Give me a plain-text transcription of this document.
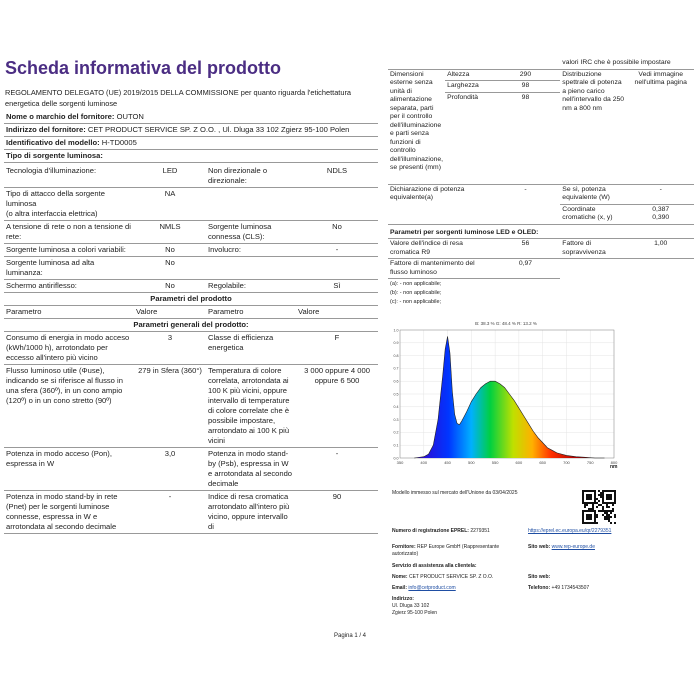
Scheda informativa del prodotto
REGOLAMENTO DELEGATO (UE) 2019/2015 DELLA COMMISSIONE per quanto riguarda l'etichettatura energetica delle sorgenti luminose
Nome o marchio del fornitore: OUTON
Indirizzo del fornitore: CET PRODUCT SERVICE SP. Z O.O. , Ul. Dluga 33 102 Zgierz 95-100 Polen
Identificativo del modello: H-TD0005
Tipo di sorgente luminosa:
Tecnologia d'illuminazione:	LED	Non direzionale o direzionale:	NDLS
Tipo di attacco della sorgente luminosa
(o altra interfaccia elettrica)	NA		
A tensione di rete o non a tensione di rete:	NMLS	Sorgente luminosa connessa (CLS):	No
Sorgente luminosa a colori variabili:	No	Involucro:	-
Sorgente luminosa ad alta luminanza:	No		
Schermo antiriflesso:	No	Regolabile:	Sì
Parametri del prodotto			
Parametro	Valore	Parametro	Valore
Parametri generali del prodotto:			
Consumo di energia in modo acceso (kWh/1000 h), arrotondato per eccesso all'intero più vicino	3	Classe di efficienza energetica	F
Flusso luminoso utile (Φuse), indicando se si riferisce al flusso in una sfera (360º), in un cono ampio (120º) o in un cono stretto (90º)	279 in Sfera (360°)	Temperatura di colore correlata, arrotondata ai 100 K più vicini, oppure intervallo di temperature di colore correlate che è possibile impostare, arrotondato ai 100 K più vicini	3 000 oppure 4 000 oppure 6 500
Potenza in modo acceso (Pon), espressa in W	3,0	Potenza in modo stand-by (Psb), espressa in W e arrotondata al secondo decimale	-
Potenza in modo stand-by in rete (Pnet) per le sorgenti luminose connesse, espressa in W e arrotondata al secondo decimale	-	Indice di resa cromatica arrotondato all'intero più vicino, oppure intervallo di	90

			valori IRC che è possibile impostare	
Dimensioni esterne senza unità di alimentazione separata, parti per il controllo dell'illuminazione e parti senza funzioni di controllo dell'illuminazione, se presenti (mm)	Altezza	290	Distribuzione spettrale di potenza a pieno carico nell'intervallo da 250 nm a 800 nm	Vedi immagine nell'ultima pagina
	Larghezza	98		
	Profondità	98		
Dichiarazione di potenza equivalente(a)		-	Se sì, potenza equivalente (W)	-
			Coordinate cromatiche (x, y)	0,387
0,390
Parametri per sorgenti luminose LED e OLED:				
Valore dell'indice di resa cromatica R9		56	Fattore di sopravvivenza	1,00
Fattore di mantenimento del flusso luminoso		0,97		

(a): - non applicabile;
(b): - non applicabile;
(c): - non applicabile;				
B: 38.3 % G: 48.4 % R: 13.2 %
350	400	450	500	550	600	650	700	750	800
0.0
0.1
0.2
0.3
0.4
0.5
0.6
0.7
0.8
0.9
1.0
nm
Modello immesso sul mercato dell'Unione da 03/04/2025
Numero di registrazione EPREL: 2279351	https://eprel.ec.europa.eu/qr/2279351
Fornitore: REP Europe GmbH (Rappresentante autorizzato)
Sito web: www.rep-europe.de
Servizio di assistenza alla clientela:
Nome: CET PRODUCT SERVICE SP. Z O.O.	Sito web:
Email: info@cetproduct.com	Telefono: +49 1734543507
Indirizzo:
Ul. Dluga 33 102
Zgierz 95-100 Polen
Pagina 1 / 4
